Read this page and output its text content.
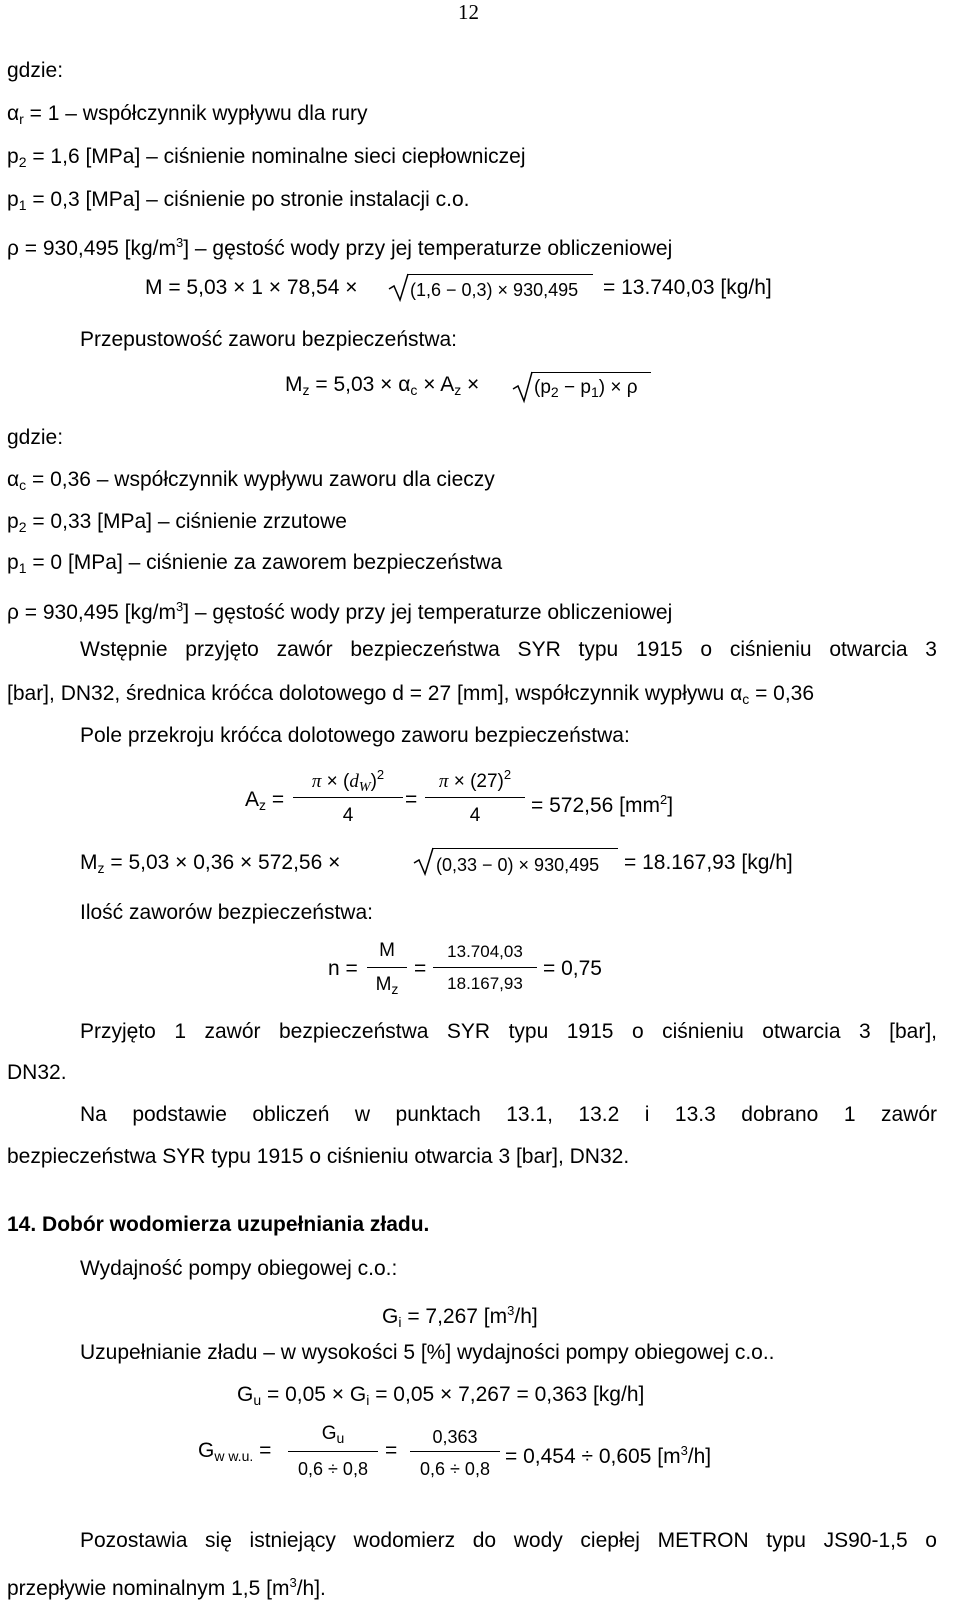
12
gdzie:
$\alpha_r = 1$ – współczynnik wypływu dla rury
$p_2 = 1,6$ [MPa] – ciśnienie nominalne sieci ciepłowniczej
$p_1 = 0,3$ [MPa] – ciśnienie po stronie instalacji c.o.
ρ = 930,495 $[kg/m^3]$ – gęstość wody przy jej temperaturze obliczeniowej
M = 5,03 × 1 × 78,54 ×	(1,6 − 0,3) × 930,495 = 13.740,03 [kg/h]
Przepustowość zaworu bezpieczeństwa:
$M_z = 5,03 \times \alpha_c \times A_z$ ×	$(p_2 - p_1) \times \rho$
gdzie:
$\alpha_c = 0,36$ – współczynnik wypływu zaworu dla cieczy
$p_2 = 0,33$ [MPa] – ciśnienie zrzutowe
$p_1 = 0$ [MPa] – ciśnienie za zaworem bezpieczeństwa
ρ = 930,495 $[kg/m^3]$ – gęstość wody przy jej temperaturze obliczeniowej
Wstępnie przyjęto zawór bezpieczeństwa SYR typu 1915 o ciśnieniu otwarcia 3
[bar], DN32, średnica króćca dolotowego d = 27 [mm], współczynnik wypływu $\alpha_c = 0,36$
Pole przekroju króćca dolotowego zaworu bezpieczeństwa:
$A_z$ =
$\pi \times (d_W)^2$
4
=
$\pi \times (27)^2$
4	= 572,56 $[mm^2]$
$M_z = 5,03 \times 0,36 \times 572,56$ ×	(0,33 − 0) × 930,495 = 18.167,93 [kg/h]
Ilość zaworów bezpieczeństwa:
n =
M
$M_z$
=
13.704,03
18.167,93
= 0,75
Przyjęto 1 zawór bezpieczeństwa SYR typu 1915 o ciśnieniu otwarcia 3 [bar],
DN32.
Na podstawie obliczeń w punktach 13.1, 13.2 i 13.3 dobrano 1 zawór
bezpieczeństwa SYR typu 1915 o ciśnieniu otwarcia 3 [bar], DN32.
14. Dobór wodomierza uzupełniania zładu.
Wydajność pompy obiegowej c.o.:
$G_i = 7,267$ $[m^3/h]$
Uzupełnianie zładu – w wysokości 5 [%] wydajności pompy obiegowej c.o..
$G_u = 0,05 \times G_i = 0,05 \times 7,267 = 0,363$ [kg/h]
$G_{w w.u.}$ =
$G_u$
0,6 ÷ 0,8
=
0,363
0,6 ÷ 0,8
= 0,454 ÷ 0,605 $[m^3/h]$
Pozostawia się istniejący wodomierz do wody ciepłej METRON typu JS90-1,5 o
przepływie nominalnym 1,5 $[m^3/h]$.
